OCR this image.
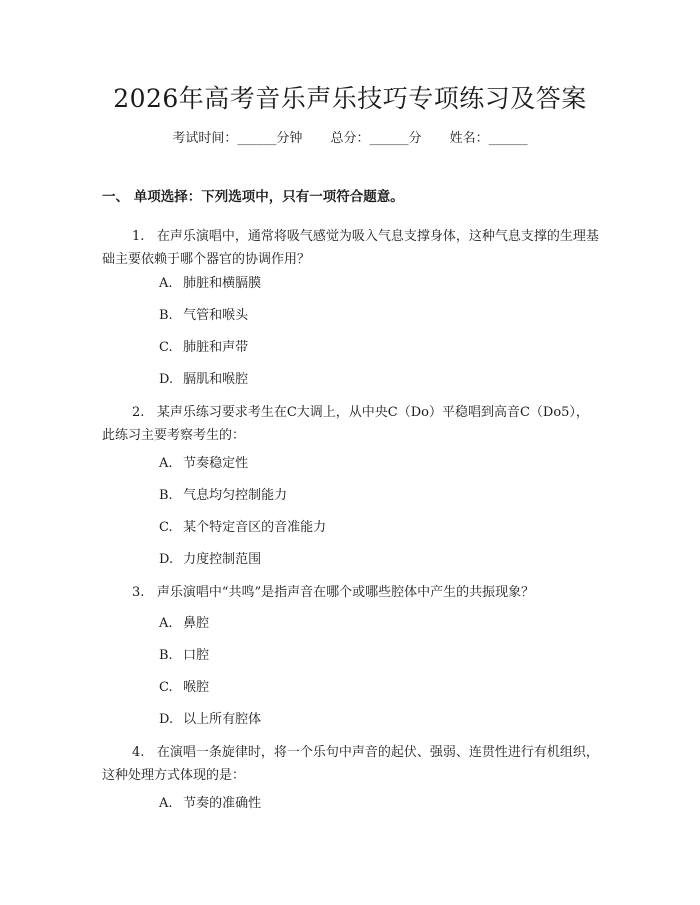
2026年高考音乐声乐技巧专项练习及答案
考试时间：______分钟 总分：______分 姓名：______
一、 单项选择：下列选项中，只有一项符合题意。
1. 在声乐演唱中，通常将吸气感觉为吸入气息支撑身体，这种气息支撑的生理基础主要依赖于哪个器官的协调作用？
A. 肺脏和横膈膜
B. 气管和喉头
C. 肺脏和声带
D. 膈肌和喉腔
2. 某声乐练习要求考生在C大调上，从中央C（Do）平稳唱到高音C（Do5），此练习主要考察考生的：
A. 节奏稳定性
B. 气息均匀控制能力
C. 某个特定音区的音准能力
D. 力度控制范围
3. 声乐演唱中“共鸣”是指声音在哪个或哪些腔体中产生的共振现象？
A. 鼻腔
B. 口腔
C. 喉腔
D. 以上所有腔体
4. 在演唱一条旋律时，将一个乐句中声音的起伏、强弱、连贯性进行有机组织，这种处理方式体现的是：
A. 节奏的准确性
